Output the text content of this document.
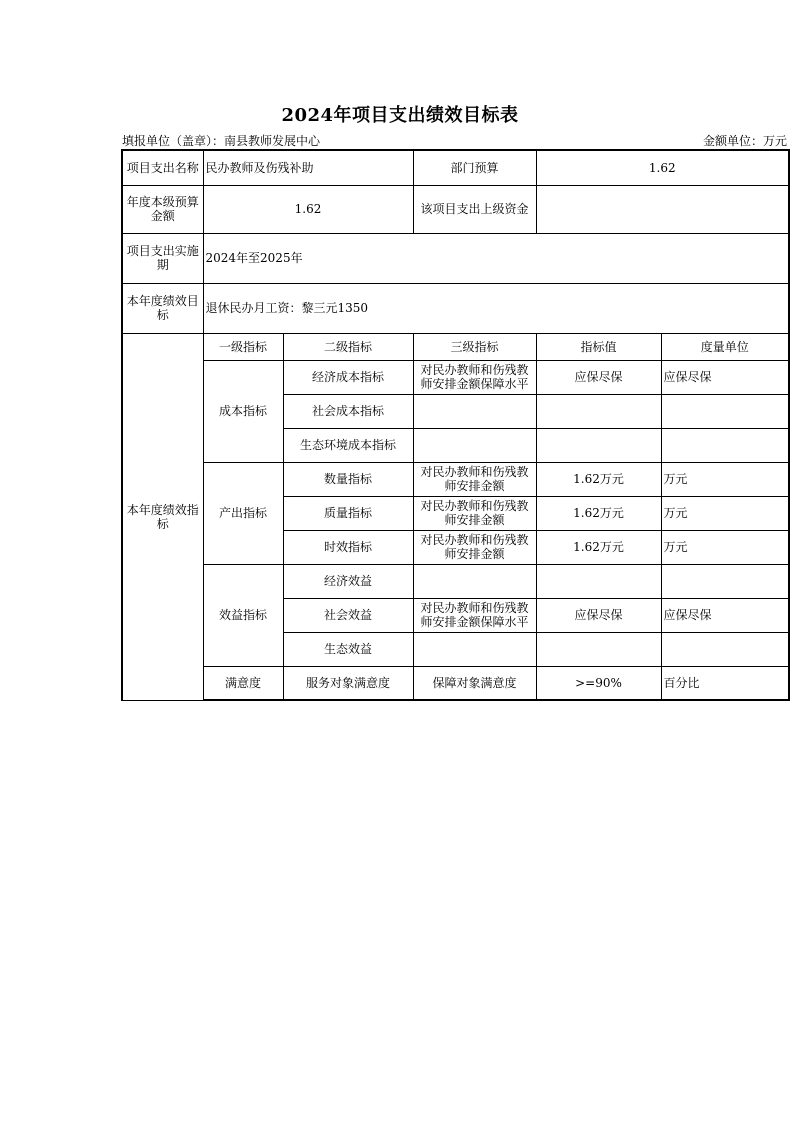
2024年项目支出绩效目标表
填报单位（盖章）：南县教师发展中心	金额单位：万元
项目支出名称	民办教师及伤残补助		部门预算	1.62	
年度本级预算金额	1.62		该项目支出上级资金		
项目支出实施期	2024年至2025年				
本年度绩效目标	退休民办月工资：黎三元1350				
本年度绩效指标	一级指标	二级指标	三级指标	指标值	度量单位
	成本指标	经济成本指标	对民办教师和伤残教师安排金额保障水平	应保尽保	应保尽保
		社会成本指标			
		生态环境成本指标			
	产出指标	数量指标	对民办教师和伤残教师安排金额	1.62万元	万元
		质量指标	对民办教师和伤残教师安排金额	1.62万元	万元
		时效指标	对民办教师和伤残教师安排金额	1.62万元	万元
	效益指标	经济效益			
		社会效益	对民办教师和伤残教师安排金额保障水平	应保尽保	应保尽保
		生态效益			
	满意度	服务对象满意度	保障对象满意度	>=90%	百分比
